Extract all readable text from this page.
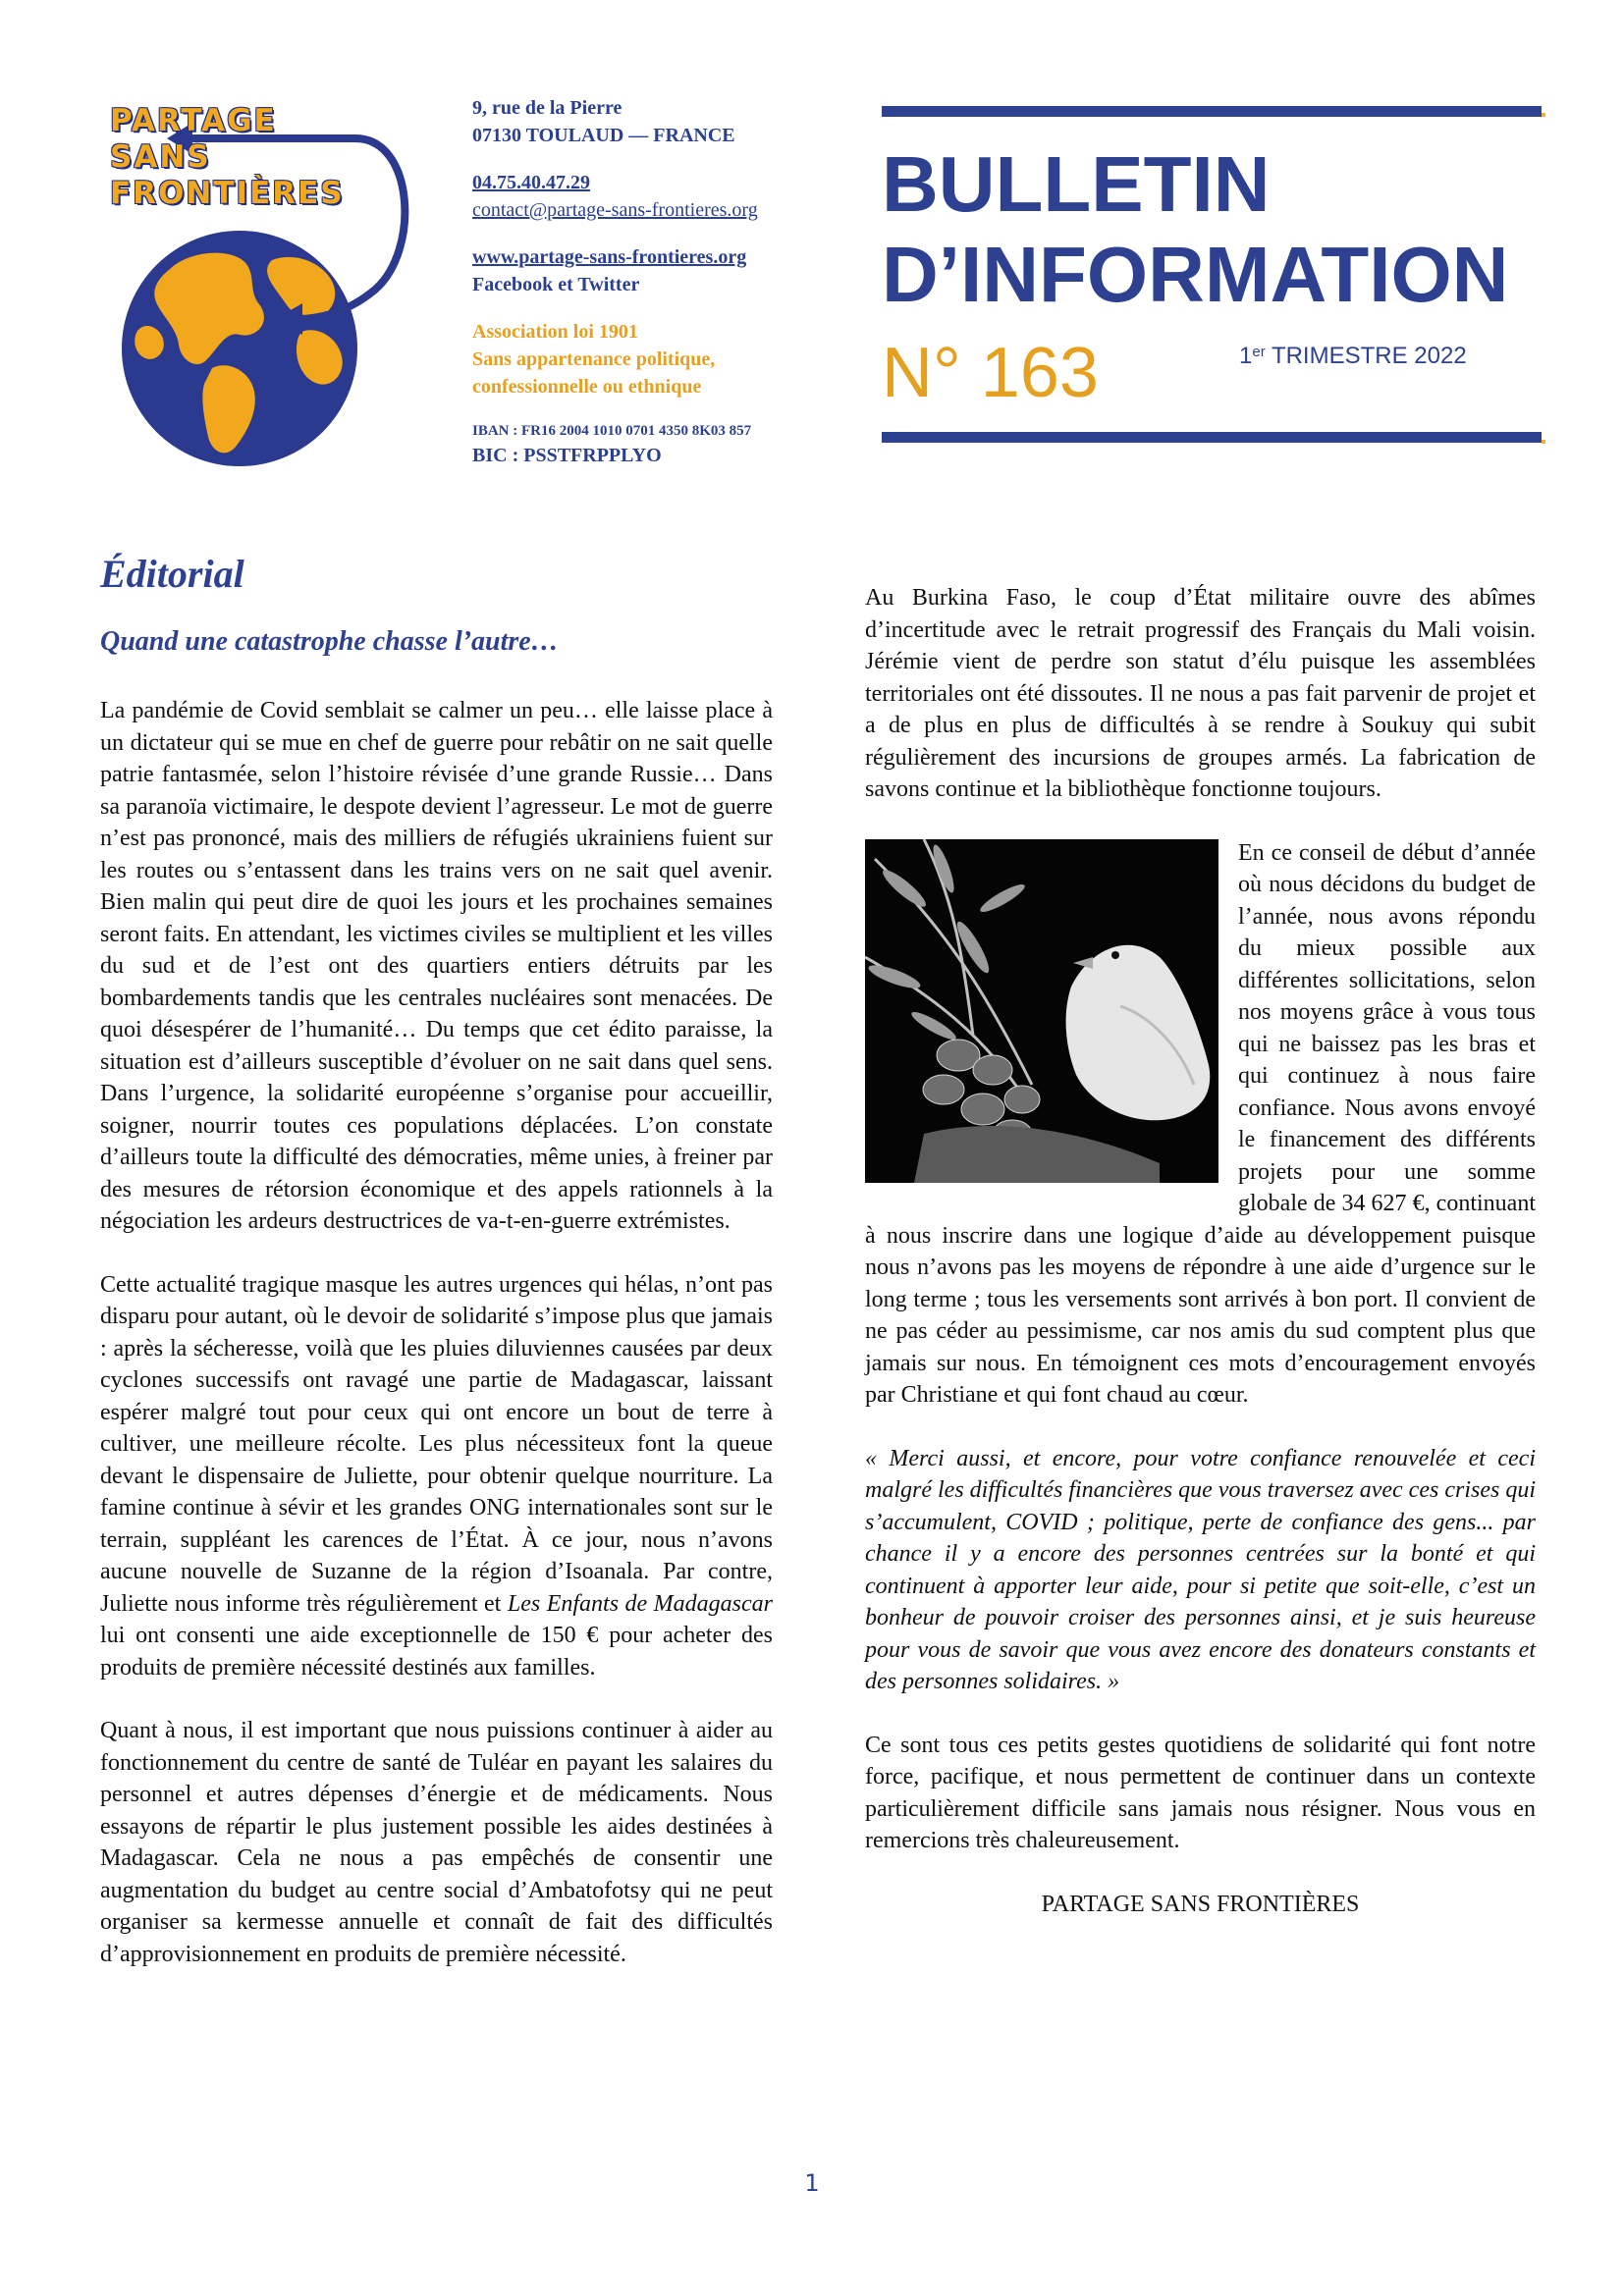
PARTAGE
SANS
FRONTIÈRES
9, rue de la Pierre
07130 TOULAUD — FRANCE
04.75.40.47.29
contact@partage-sans-frontieres.org
www.partage-sans-frontieres.org
Facebook et Twitter
Association loi 1901
Sans appartenance politique,
confessionnelle ou ethnique
IBAN : FR16 2004 1010 0701 4350 8K03 857
BIC : PSSTFRPPLYO
BULLETIN
D’INFORMATION
N° 163	1er TRIMESTRE 2022
Éditorial
Quand une catastrophe chasse l’autre…

La pandémie de Covid semblait se calmer un peu… elle laisse place à un dictateur qui se mue en chef de guerre pour rebâtir on ne sait quelle patrie fantasmée, selon l’histoire révisée d’une grande Russie… Dans sa paranoïa victimaire, le despote devient l’agresseur. Le mot de guerre n’est pas prononcé, mais des milliers de réfugiés ukrainiens fuient sur les routes ou s’entassent dans les trains vers on ne sait quel avenir. Bien malin qui peut dire de quoi les jours et les prochaines semaines seront faits. En attendant, les victimes civiles se multiplient et les villes du sud et de l’est ont des quartiers entiers détruits par les bombardements tandis que les centrales nucléaires sont menacées. De quoi désespérer de l’humanité… Du temps que cet édito paraisse, la situation est d’ailleurs susceptible d’évoluer on ne sait dans quel sens. Dans l’urgence, la solidarité européenne s’organise pour accueillir, soigner, nourrir toutes ces populations déplacées. L’on constate d’ailleurs toute la difficulté des démocraties, même unies, à freiner par des mesures de rétorsion économique et des appels rationnels à la négociation les ardeurs destructrices de va-t-en-guerre extrémistes.

Cette actualité tragique masque les autres urgences qui hélas, n’ont pas disparu pour autant, où le devoir de solidarité s’impose plus que jamais : après la sécheresse, voilà que les pluies diluviennes causées par deux cyclones successifs ont ravagé une partie de Madagascar, laissant espérer malgré tout pour ceux qui ont encore un bout de terre à cultiver, une meilleure récolte. Les plus nécessiteux font la queue devant le dispensaire de Juliette, pour obtenir quelque nourriture. La famine continue à sévir et les grandes ONG internationales sont sur le terrain, suppléant les carences de l’État. À ce jour, nous n’avons aucune nouvelle de Suzanne de la région d’Isoanala. Par contre, Juliette nous informe très régulièrement et Les Enfants de Madagascar lui ont consenti une aide exceptionnelle de 150 € pour acheter des produits de première nécessité destinés aux familles.

Quant à nous, il est important que nous puissions continuer à aider au fonctionnement du centre de santé de Tuléar en payant les salaires du personnel et autres dépenses d’énergie et de médicaments. Nous essayons de répartir le plus justement possible les aides destinées à Madagascar. Cela ne nous a pas empêchés de consentir une augmentation du budget au centre social d’Ambatofotsy qui ne peut organiser sa kermesse annuelle et connaît de fait des difficultés d’approvisionnement en produits de première nécessité.

Au Burkina Faso, le coup d’État militaire ouvre des abîmes d’incertitude avec le retrait progressif des Français du Mali voisin. Jérémie vient de perdre son statut d’élu puisque les assemblées territoriales ont été dissoutes. Il ne nous a pas fait parvenir de projet et a de plus en plus de difficultés à se rendre à Soukuy qui subit régulièrement des incursions de groupes armés. La fabrication de savons continue et la bibliothèque fonctionne toujours.

En ce conseil de début d’année où nous décidons du budget de l’année, nous avons répondu du mieux possible aux différentes sollicitations, selon nos moyens grâce à vous tous qui ne baissez pas les bras et qui continuez à nous faire confiance. Nous avons envoyé le financement des différents projets pour une somme globale de 34 627 €, continuant à nous inscrire dans une logique d’aide au développement puisque nous n’avons pas les moyens de répondre à une aide d’urgence sur le long terme ; tous les versements sont arrivés à bon port. Il convient de ne pas céder au pessimisme, car nos amis du sud comptent plus que jamais sur nous. En témoignent ces mots d’encouragement envoyés par Christiane et qui font chaud au cœur.

« Merci aussi, et encore, pour votre confiance renouvelée et ceci malgré les difficultés financières que vous traversez avec ces crises qui s’accumulent, COVID ; politique, perte de confiance des gens... par chance il y a encore des personnes centrées sur la bonté et qui continuent à apporter leur aide, pour si petite que soit-elle, c’est un bonheur de pouvoir croiser des personnes ainsi, et je suis heureuse pour vous de savoir que vous avez encore des donateurs constants et des personnes solidaires. »

Ce sont tous ces petits gestes quotidiens de solidarité qui font notre force, pacifique, et nous permettent de continuer dans un contexte particulièrement difficile sans jamais nous résigner. Nous vous en remercions très chaleureusement.

PARTAGE SANS FRONTIÈRES

1
